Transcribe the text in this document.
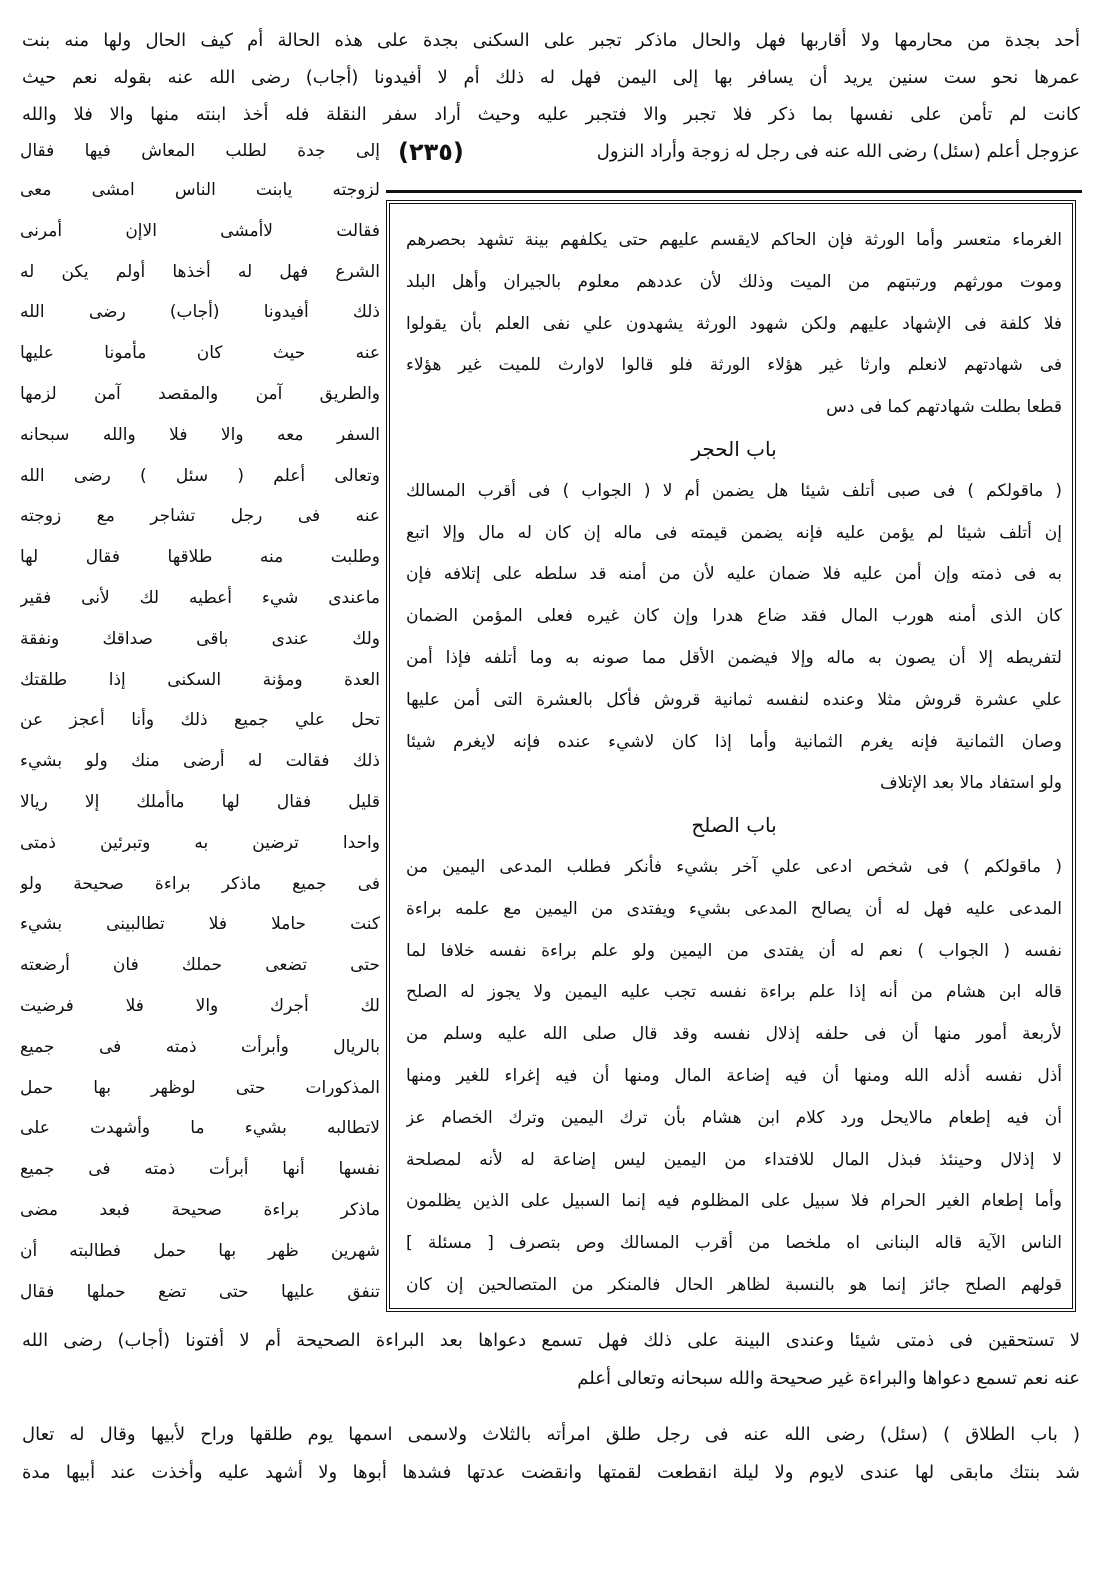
أحد بجدة من محارمها ولا أقاربها فهل والحال ماذكر تجبر على السكنى بجدة على هذه الحالة أم كيف الحال ولها منه بنت
عمرها نحو ست سنين يريد أن يسافر بها إلى اليمن فهل له ذلك أم لا أفيدونا (أجاب) رضى الله عنه بقوله نعم حيث
كانت لم تأمن على نفسها بما ذكر فلا تجبر والا فتجبر عليه وحيث أراد سفر النقلة فله أخذ ابنته منها والا فلا والله
عزوجل أعلم (سئل) رضى الله عنه فى رجل له زوجة وأراد النزول
(٢٣٥)
إلى جدة لطلب المعاش فيها فقال
لزوجته يابنت الناس امشى معى
فقالت لاأمشى الاإن أمرنى
الشرع فهل له أخذها أولم يكن له
ذلك أفيدونا (أجاب) رضى الله
عنه حيث كان مأمونا عليها
والطريق آمن والمقصد آمن لزمها
السفر معه والا فلا والله سبحانه
وتعالى أعلم ( سئل ) رضى الله
عنه فى رجل تشاجر مع زوجته
وطلبت منه طلاقها فقال لها
ماعندى شيء أعطيه لك لأنى فقير
ولك عندى باقى صداقك ونفقة
العدة ومؤنة السكنى إذا طلقتك
تحل علي جميع ذلك وأنا أعجز عن
ذلك فقالت له أرضى منك ولو بشيء
قليل فقال لها ماأملك إلا ريالا
واحدا ترضين به وتبرئين ذمتى
فى جميع ماذكر براءة صحيحة ولو
كنت حاملا فلا تطالبينى بشيء
حتى تضعى حملك فان أرضعته
لك أجرك والا فلا فرضيت
بالريال وأبرأت ذمته فى جميع
المذكورات حتى لوظهر بها حمل
لاتطالبه بشيء ما وأشهدت على
نفسها أنها أبرأت ذمته فى جميع
ماذكر براءة صحيحة فبعد مضى
شهرين ظهر بها حمل فطالبته أن
تنفق عليها حتى تضع حملها فقال
الغرماء متعسر وأما الورثة فإن الحاكم لايقسم عليهم حتى يكلفهم بينة تشهد بحصرهم
وموت مورثهم ورتبتهم من الميت وذلك لأن عددهم معلوم بالجيران وأهل البلد
فلا كلفة فى الإشهاد عليهم ولكن شهود الورثة يشهدون علي نفى العلم بأن يقولوا
فى شهادتهم لانعلم وارثا غير هؤلاء الورثة فلو قالوا لاوارث للميت غير هؤلاء
قطعا بطلت شهادتهم كما فى دس
باب الحجر
( ماقولكم ) فى صبى أتلف شيئا هل يضمن أم لا ( الجواب ) فى أقرب المسالك
إن أتلف شيئا لم يؤمن عليه فإنه يضمن قيمته فى ماله إن كان له مال وإلا اتبع
به فى ذمته وإن أمن عليه فلا ضمان عليه لأن من أمنه قد سلطه على إتلافه فإن
كان الذى أمنه هورب المال فقد ضاع هدرا وإن كان غيره فعلى المؤمن الضمان
لتفريطه إلا أن يصون به ماله وإلا فيضمن الأقل مما صونه به وما أتلفه فإذا أمن
علي عشرة قروش مثلا وعنده لنفسه ثمانية قروش فأكل بالعشرة التى أمن عليها
وصان الثمانية فإنه يغرم الثمانية وأما إذا كان لاشيء عنده فإنه لايغرم شيئا
ولو استفاد مالا بعد الإتلاف
باب الصلح
( ماقولكم ) فى شخص ادعى علي آخر بشيء فأنكر فطلب المدعى اليمين من
المدعى عليه فهل له أن يصالح المدعى بشيء ويفتدى من اليمين مع علمه براءة
نفسه ( الجواب ) نعم له أن يفتدى من اليمين ولو علم براءة نفسه خلافا لما
قاله ابن هشام من أنه إذا علم براءة نفسه تجب عليه اليمين ولا يجوز له الصلح
لأربعة أمور منها أن فى حلفه إذلال نفسه وقد قال صلى الله عليه وسلم من
أذل نفسه أذله الله ومنها أن فيه إضاعة المال ومنها أن فيه إغراء للغير ومنها
أن فيه إطعام مالايحل ورد كلام ابن هشام بأن ترك اليمين وترك الخصام عز
لا إذلال وحينئذ فبذل المال للافتداء من اليمين ليس إضاعة له لأنه لمصلحة
وأما إطعام الغير الحرام فلا سبيل على المظلوم فيه إنما السبيل على الذين يظلمون
الناس الآية قاله البنانى اه ملخصا من أقرب المسالك وص بتصرف [ مسئلة ]
قولهم الصلح جائز إنما هو بالنسبة لظاهر الحال فالمنكر من المتصالحين إن كان
لا تستحقين فى ذمتى شيئا وعندى البينة على ذلك فهل تسمع دعواها بعد البراءة الصحيحة أم لا أفتونا (أجاب) رضى الله
عنه نعم تسمع دعواها والبراءة غير صحيحة والله سبحانه وتعالى أعلم
( باب الطلاق ) (سئل) رضى الله عنه فى رجل طلق امرأته بالثلاث ولاسمى اسمها يوم طلقها وراح لأبيها وقال له تعال
شد بنتك مابقى لها عندى لايوم ولا ليلة انقطعت لقمتها وانقضت عدتها فشدها أبوها ولا أشهد عليه وأخذت عند أبيها مدة
